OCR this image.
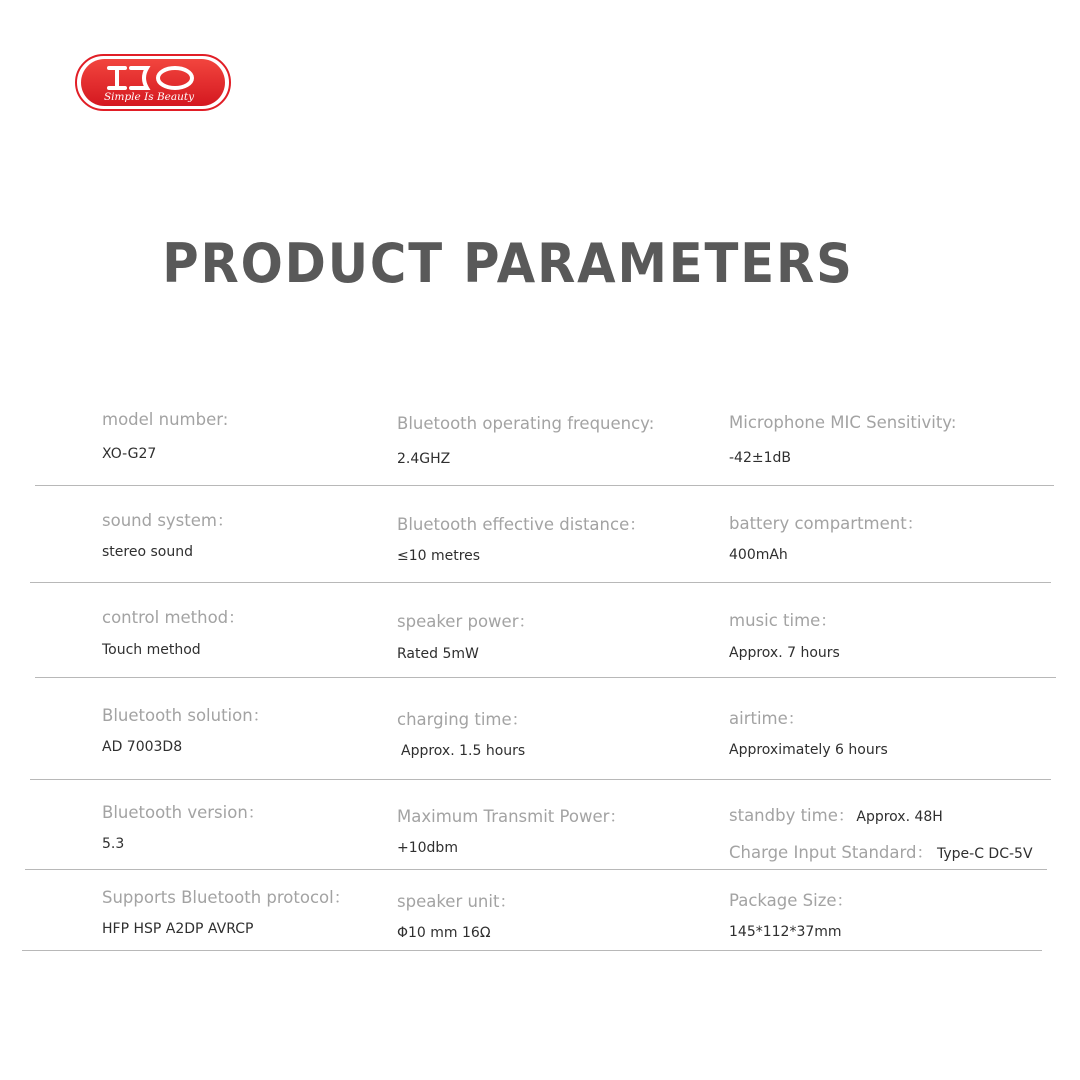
Simple Is Beauty
PRODUCT PARAMETERS
model number:
XO-G27
Bluetooth operating frequency:
2.4GHZ
Microphone MIC Sensitivity:
-42±1dB
sound system：
stereo sound
Bluetooth effective distance：
≤10 metres
battery compartment：
400mAh
control method：
Touch method
speaker power：
Rated 5mW
music time：
Approx. 7 hours
Bluetooth solution：
AD 7003D8
charging time：
Approx. 1.5 hours
airtime：
Approximately 6 hours
Bluetooth version：
5.3
Maximum Transmit Power：
+10dbm
standby time： Approx. 48H
Charge Input Standard： Type-C DC-5V
Supports Bluetooth protocol：
HFP HSP A2DP AVRCP
speaker unit：
Φ10 mm 16Ω
Package Size：
145*112*37mm
